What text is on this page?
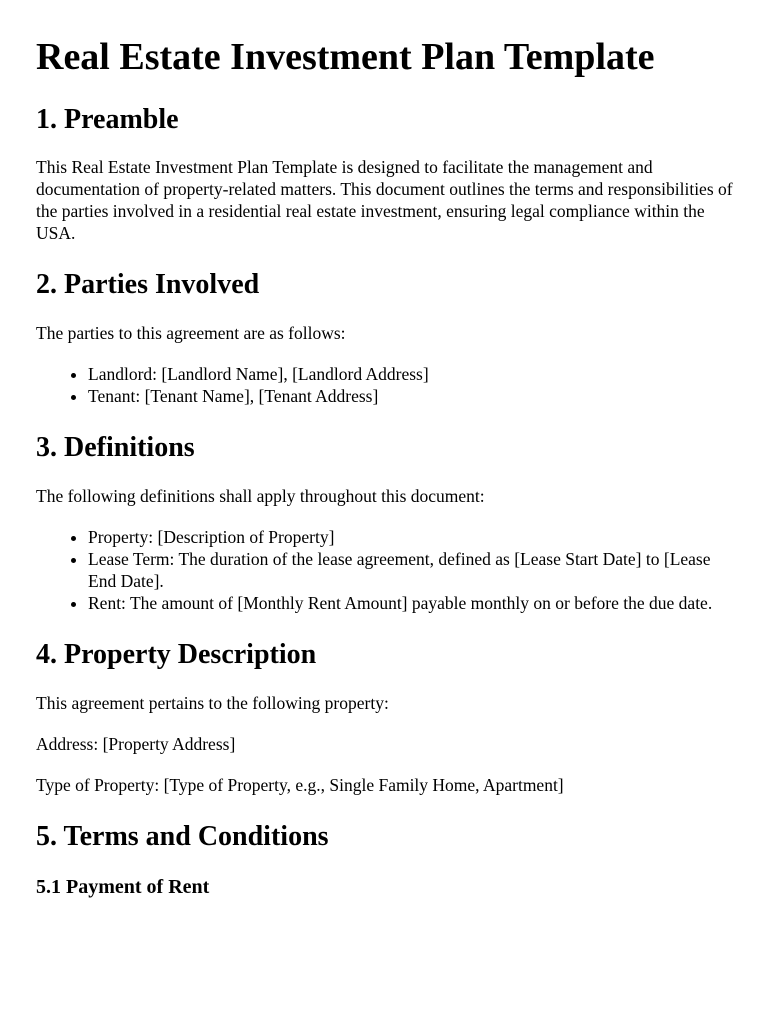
Real Estate Investment Plan Template
1. Preamble

This Real Estate Investment Plan Template is designed to facilitate the management and documentation of property-related matters. This document outlines the terms and responsibilities of the parties involved in a residential real estate investment, ensuring legal compliance within the USA.

2. Parties Involved

The parties to this agreement are as follows:

• Landlord: [Landlord Name], [Landlord Address]
• Tenant: [Tenant Name], [Tenant Address]
3. Definitions

The following definitions shall apply throughout this document:

• Property: [Description of Property]
• Lease Term: The duration of the lease agreement, defined as [Lease Start Date] to [Lease End Date].
• Rent: The amount of [Monthly Rent Amount] payable monthly on or before the due date.
4. Property Description

This agreement pertains to the following property:

Address: [Property Address]

Type of Property: [Type of Property, e.g., Single Family Home, Apartment]

5. Terms and Conditions
5.1 Payment of Rent
